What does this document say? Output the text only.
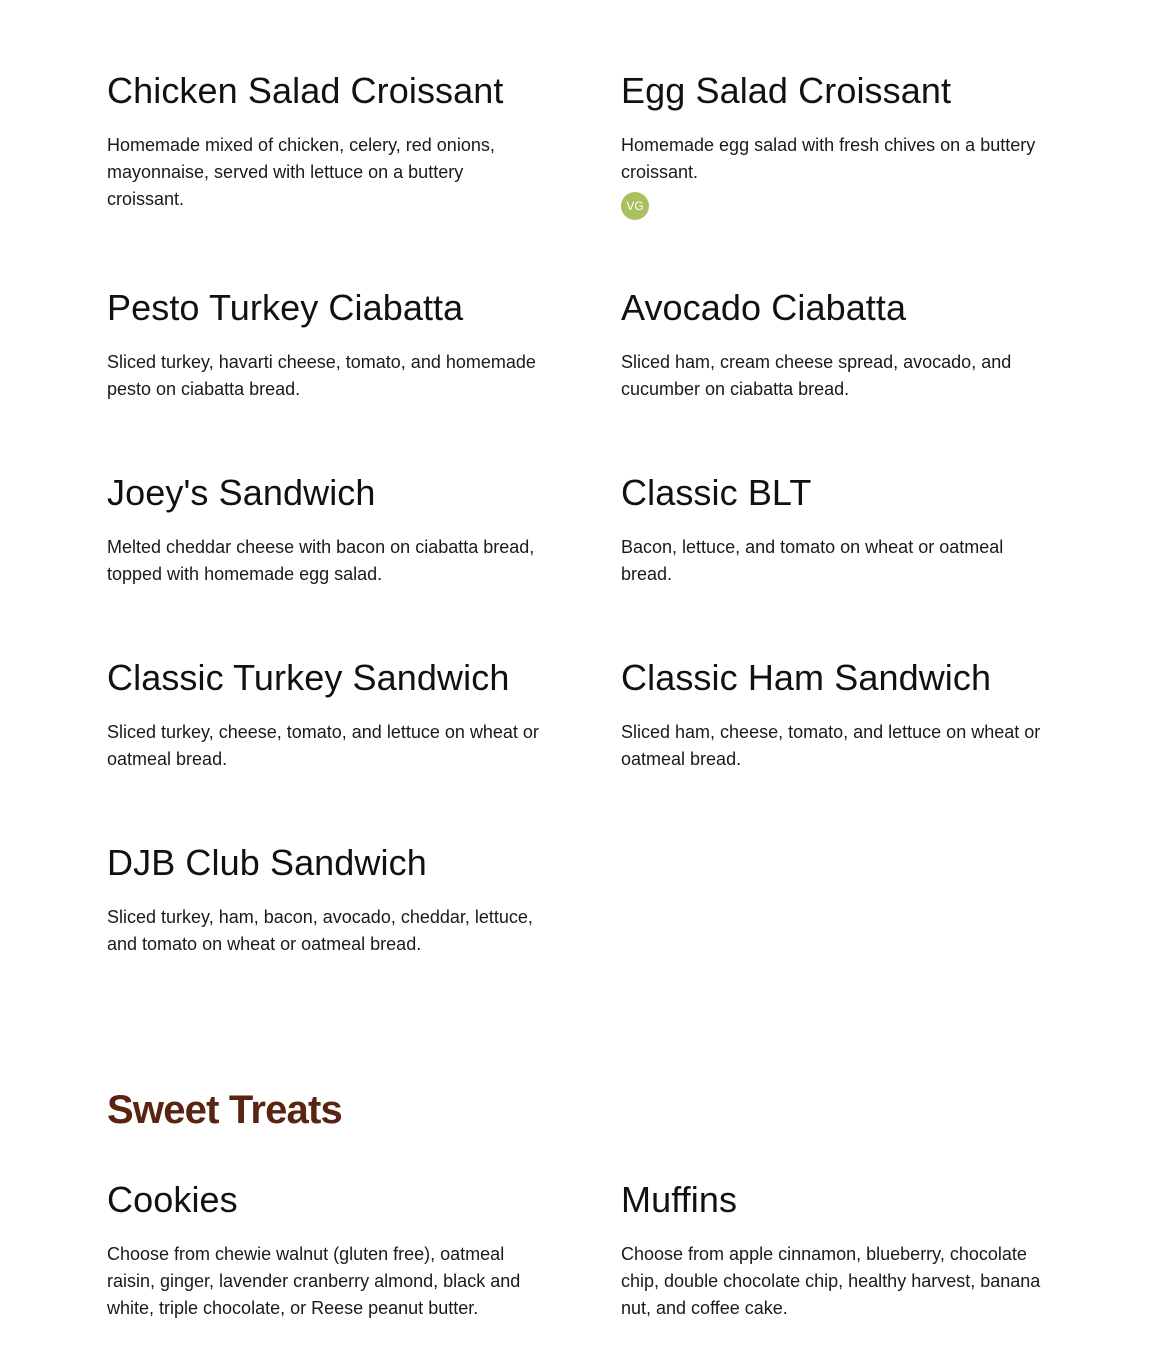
Chicken Salad Croissant

Homemade mixed of chicken, celery, red onions, mayonnaise, served with lettuce on a buttery croissant.

Egg Salad Croissant

Homemade egg salad with fresh chives on a buttery croissant.

VG
Pesto Turkey Ciabatta

Sliced turkey, havarti cheese, tomato, and homemade pesto on ciabatta bread.

Avocado Ciabatta

Sliced ham, cream cheese spread, avocado, and cucumber on ciabatta bread.

Joey's Sandwich

Melted cheddar cheese with bacon on ciabatta bread, topped with homemade egg salad.

Classic BLT

Bacon, lettuce, and tomato on wheat or oatmeal bread.

Classic Turkey Sandwich

Sliced turkey, cheese, tomato, and lettuce on wheat or oatmeal bread.

Classic Ham Sandwich

Sliced ham, cheese, tomato, and lettuce on wheat or oatmeal bread.

DJB Club Sandwich

Sliced turkey, ham, bacon, avocado, cheddar, lettuce, and tomato on wheat or oatmeal bread.

Sweet Treats
Cookies

Choose from chewie walnut (gluten free), oatmeal raisin, ginger, lavender cranberry almond, black and white, triple chocolate, or Reese peanut butter.

Muffins

Choose from apple cinnamon, blueberry, chocolate chip, double chocolate chip, healthy harvest, banana nut, and coffee cake.
